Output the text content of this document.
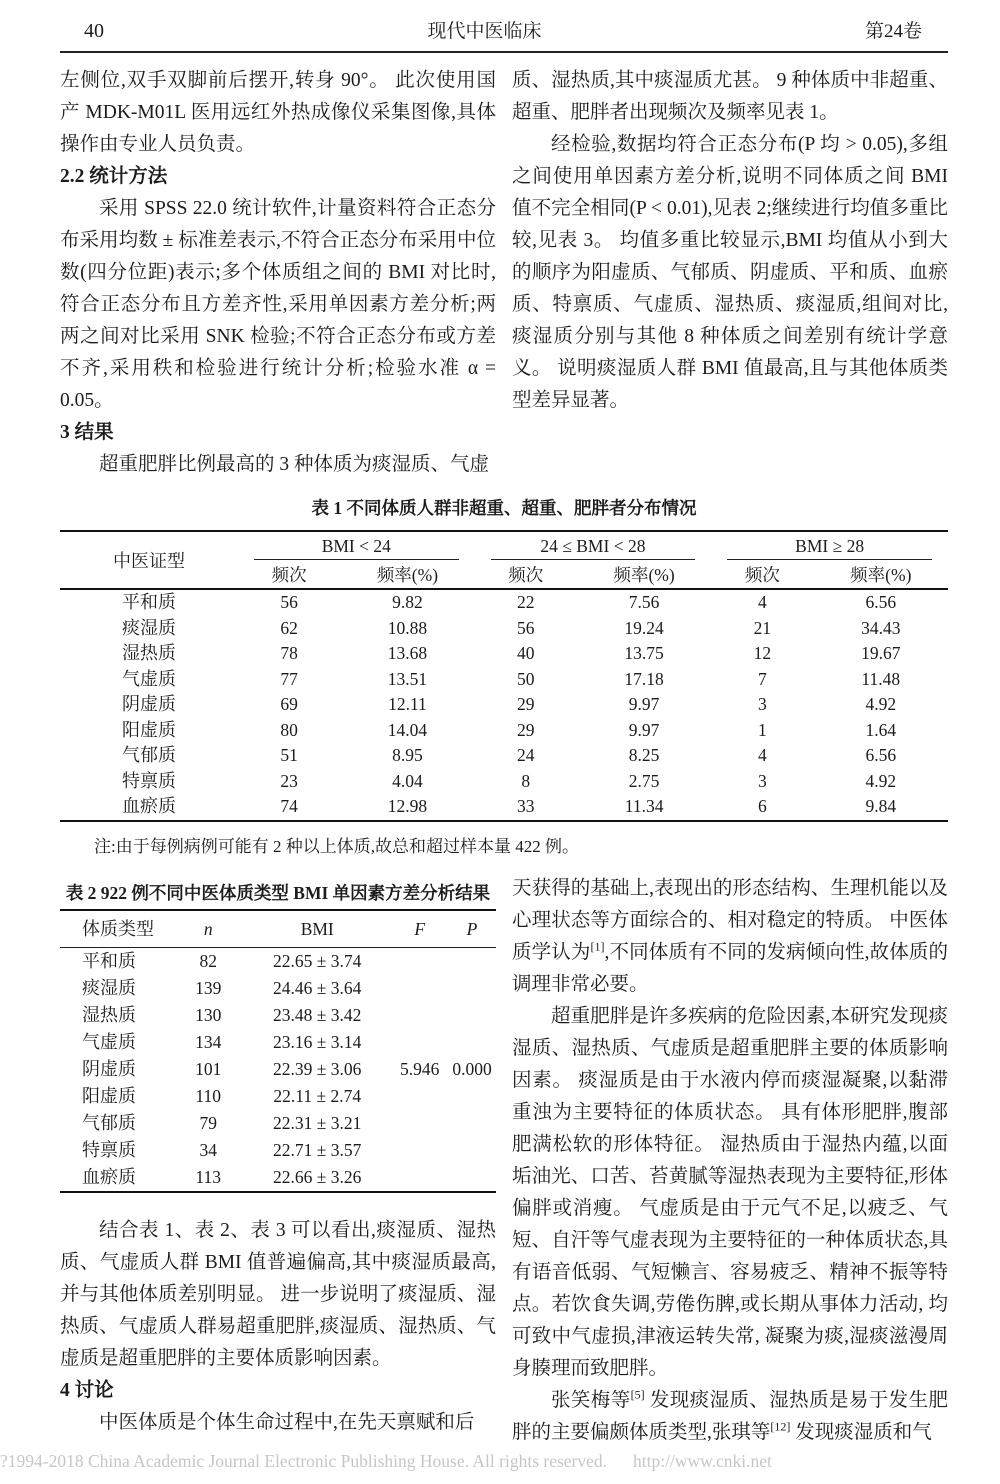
40	现代中医临床	第24卷

左侧位,双手双脚前后摆开,转身 90°。 此次使用国产 MDK-M01L 医用远红外热成像仪采集图像,具体操作由专业人员负责。

2.2 统计方法

采用 SPSS 22.0 统计软件,计量资料符合正态分布采用均数 ± 标准差表示,不符合正态分布采用中位数(四分位距)表示;多个体质组之间的 BMI 对比时,符合正态分布且方差齐性,采用单因素方差分析;两两之间对比采用 SNK 检验;不符合正态分布或方差不齐,采用秩和检验进行统计分析;检验水准 α = 0.05。

3 结果

超重肥胖比例最高的 3 种体质为痰湿质、气虚

质、湿热质,其中痰湿质尤甚。 9 种体质中非超重、超重、肥胖者出现频次及频率见表 1。

经检验,数据均符合正态分布(P 均 > 0.05),多组之间使用单因素方差分析,说明不同体质之间 BMI 值不完全相同(P < 0.01),见表 2;继续进行均值多重比较,见表 3。 均值多重比较显示,BMI 均值从小到大的顺序为阳虚质、气郁质、阴虚质、平和质、血瘀质、特禀质、气虚质、湿热质、痰湿质,组间对比,痰湿质分别与其他 8 种体质之间差别有统计学意义。 说明痰湿质人群 BMI 值最高,且与其他体质类型差异显著。

表 1 不同体质人群非超重、超重、肥胖者分布情况

中医证型	BMI < 24		24 ≤ BMI < 28		BMI ≥ 28	
	频次	频率(%)	频次	频率(%)	频次	频率(%)
平和质	56	9.82	22	7.56	4	6.56
痰湿质	62	10.88	56	19.24	21	34.43
湿热质	78	13.68	40	13.75	12	19.67
气虚质	77	13.51	50	17.18	7	11.48
阴虚质	69	12.11	29	9.97	3	4.92
阳虚质	80	14.04	29	9.97	1	1.64
气郁质	51	8.95	24	8.25	4	6.56
特禀质	23	4.04	8	2.75	3	4.92
血瘀质	74	12.98	33	11.34	6	9.84

注:由于每例病例可能有 2 种以上体质,故总和超过样本量 422 例。

表 2 922 例不同中医体质类型 BMI 单因素方差分析结果

体质类型	n	BMI	F	P
平和质	82	22.65 ± 3.74		
痰湿质	139	24.46 ± 3.64		
湿热质	130	23.48 ± 3.42		
气虚质	134	23.16 ± 3.14		
阴虚质	101	22.39 ± 3.06	5.946	0.000
阳虚质	110	22.11 ± 2.74		
气郁质	79	22.31 ± 3.21		
特禀质	34	22.71 ± 3.57		
血瘀质	113	22.66 ± 3.26		

结合表 1、表 2、表 3 可以看出,痰湿质、湿热质、气虚质人群 BMI 值普遍偏高,其中痰湿质最高,并与其他体质差别明显。 进一步说明了痰湿质、湿热质、气虚质人群易超重肥胖,痰湿质、湿热质、气虚质是超重肥胖的主要体质影响因素。

4 讨论

中医体质是个体生命过程中,在先天禀赋和后

天获得的基础上,表现出的形态结构、生理机能以及心理状态等方面综合的、相对稳定的特质。 中医体质学认为[1],不同体质有不同的发病倾向性,故体质的调理非常必要。

超重肥胖是许多疾病的危险因素,本研究发现痰湿质、湿热质、气虚质是超重肥胖主要的体质影响因素。 痰湿质是由于水液内停而痰湿凝聚,以黏滞重浊为主要特征的体质状态。 具有体形肥胖,腹部肥满松软的形体特征。 湿热质由于湿热内蕴,以面垢油光、口苦、苔黄腻等湿热表现为主要特征,形体偏胖或消瘦。 气虚质是由于元气不足,以疲乏、气短、自汗等气虚表现为主要特征的一种体质状态,具有语音低弱、气短懒言、容易疲乏、精神不振等特点。若饮食失调,劳倦伤脾,或长期从事体力活动, 均可致中气虚损,津液运转失常, 凝聚为痰,湿痰滋漫周身腠理而致肥胖。

张笑梅等[5] 发现痰湿质、湿热质是易于发生肥胖的主要偏颇体质类型,张琪等[12] 发现痰湿质和气

?1994-2018 China Academic Journal Electronic Publishing House. All rights reserved. http://www.cnki.net
